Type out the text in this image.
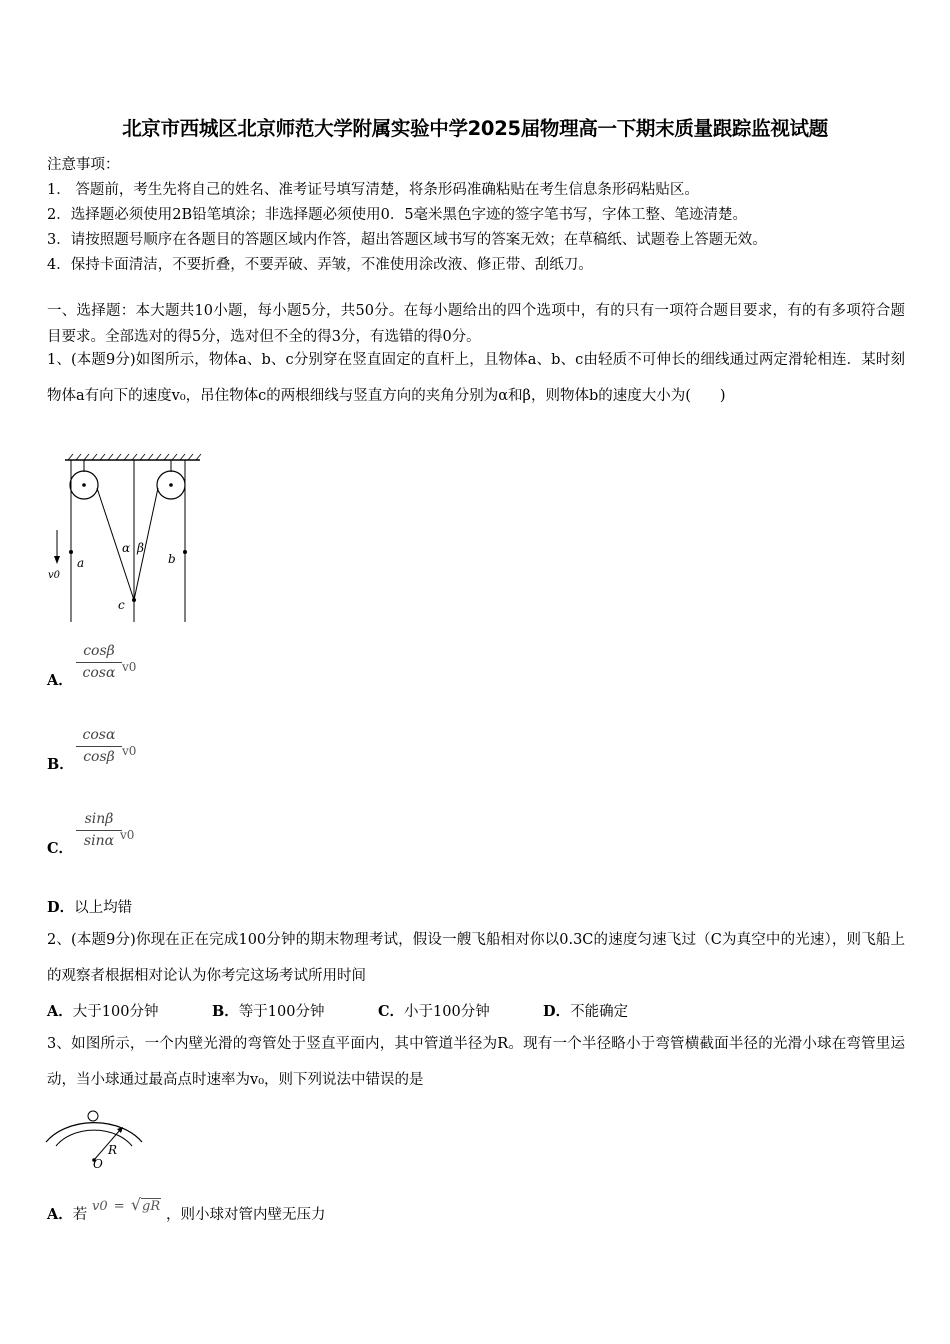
北京市西城区北京师范大学附属实验中学2025届物理高一下期末质量跟踪监视试题
注意事项：
1． 答题前，考生先将自己的姓名、准考证号填写清楚，将条形码准确粘贴在考生信息条形码粘贴区。
2．选择题必须使用2B铅笔填涂；非选择题必须使用0．5毫米黑色字迹的签字笔书写，字体工整、笔迹清楚。
3．请按照题号顺序在各题目的答题区域内作答，超出答题区域书写的答案无效；在草稿纸、试题卷上答题无效。
4．保持卡面清洁，不要折叠，不要弄破、弄皱，不准使用涂改液、修正带、刮纸刀。
一、选择题：本大题共10小题，每小题5分，共50分。在每小题给出的四个选项中，有的只有一项符合题目要求，有的有多项符合题目要求。全部选对的得5分，选对但不全的得3分，有选错的得0分。
1、(本题9分)如图所示，物体a、b、c分别穿在竖直固定的直杆上，且物体a、b、c由轻质不可伸长的细线通过两定滑轮相连．某时刻物体a有向下的速度v₀，吊住物体c的两根细线与竖直方向的夹角分别为α和β，则物体b的速度大小为(　　)
α β
a	b
c
v0
A．
cosβ
cosα v0
B．
cosα
cosβ v0
C．
sinβ
sinα v0
D．以上均错
2、(本题9分)你现在正在完成100分钟的期末物理考试，假设一艘飞船相对你以0.3C的速度匀速飞过（C为真空中的光速），则飞船上的观察者根据相对论认为你考完这场考试所用时间
A．大于100分钟	B．等于100分钟	C．小于100分钟	D．不能确定
3、如图所示，一个内壁光滑的弯管处于竖直平面内，其中管道半径为R。现有一个半径略小于弯管横截面半径的光滑小球在弯管里运动，当小球通过最高点时速率为v₀，则下列说法中错误的是
R
O
A．若
v0 = √gR
，则小球对管内壁无压力
